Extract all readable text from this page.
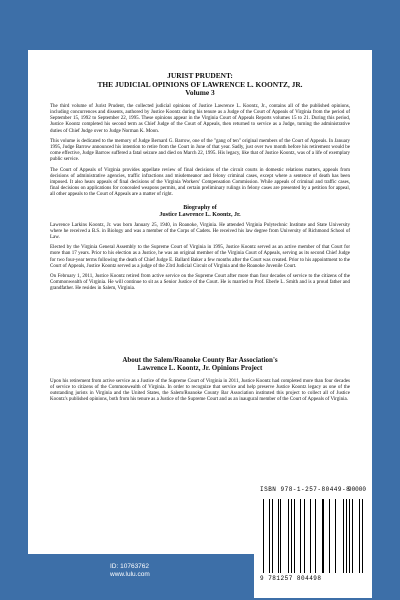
JURIST PRUDENT:
THE JUDICIAL OPINIONS OF LAWRENCE L. KOONTZ, JR.
Volume 3

The third volume of Jurist Prudent, the collected judicial opinions of Justice Lawrence L. Koontz, Jr., contains all of the published opinions, including concurrences and dissents, authored by Justice Koontz during his tenure as a Judge of the Court of Appeals of Virginia from the period of September 15, 1992 to September 22, 1995. These opinions appear in the Virginia Court of Appeals Reports volumes 15 to 21. During this period, Justice Koontz completed his second term as Chief Judge of the Court of Appeals, then returned to service as a Judge, turning the administrative duties of Chief Judge over to Judge Norman K. Moon.

This volume is dedicated to the memory of Judge Bernard G. Barrow, one of the "gang of ten" original members of the Court of Appeals. In January 1995, Judge Barrow announced his intention to retire from the Court in June of that year. Sadly, just over two month before his retirement would be come effective, Judge Barrow suffered a fatal seizure and died on March 22, 1995. His legacy, like that of Justice Koontz, was of a life of exemplary public service.

The Court of Appeals of Virginia provides appellate review of final decisions of the circuit courts in domestic relations matters, appeals from decisions of administrative agencies, traffic infractions and misdemeanor and felony criminal cases, except where a sentence of death has been imposed. It also hears appeals of final decisions of the Virginia Workers' Compensation Commission. While appeals of criminal and traffic cases, final decisions on applications for concealed weapons permits, and certain preliminary rulings in felony cases are presented by a petition for appeal, all other appeals to the Court of Appeals are a matter of right.

Biography of
Justice Lawrence L. Koontz, Jr.

Lawrence Larkins Koontz, Jr. was born January 25, 1940, in Roanoke, Virginia. He attended Virginia Polytechnic Institute and State University where he received a B.S. in Biology and was a member of the Corps of Cadets. He received his law degree from University of Richmond School of Law.

Elected by the Virginia General Assembly to the Supreme Court of Virginia in 1995, Justice Koontz served as an active member of that Court for more than 17 years. Prior to his election as a Justice, he was an original member of the Virginia Court of Appeals, serving as its second Chief Judge for two four-year terms following the death of Chief Judge E. Ballard Baker a few months after the Court was created. Prior to his appointment to the Court of Appeals, Justice Koontz served as a judge of the 23rd Judicial Circuit of Virginia and the Roanoke Juvenile Court.

On February 1, 2011, Justice Koontz retired from active service on the Supreme Court after more than four decades of service to the citizens of the Commonwealth of Virginia. He will continue to sit as a Senior Justice of the Court. He is married to Prof. Eberle L. Smith and is a proud father and grandfather. He resides in Salem, Virginia.

About the Salem/Roanoke County Bar Association's
Lawrence L. Koontz, Jr. Opinions Project

Upon his retirement from active service as a Justice of the Supreme Court of Virginia in 2011, Justice Koontz had completed more than four decades of service to citizens of the Commonwealth of Virginia. In order to recognize that service and help preserve Justice Koontz legacy as one of the outstanding jurists in Virginia and the United States, the Salem/Roanoke County Bar Association instituted this project to collect all of Justice Koontz's published opinions, both from his tenure as a Justice of the Supreme Court and as an inaugural member of the Court of Appeals of Virginia.

ISBN 978-1-257-80449-8
90000
9 781257 804498
ID: 10763762
www.lulu.com
